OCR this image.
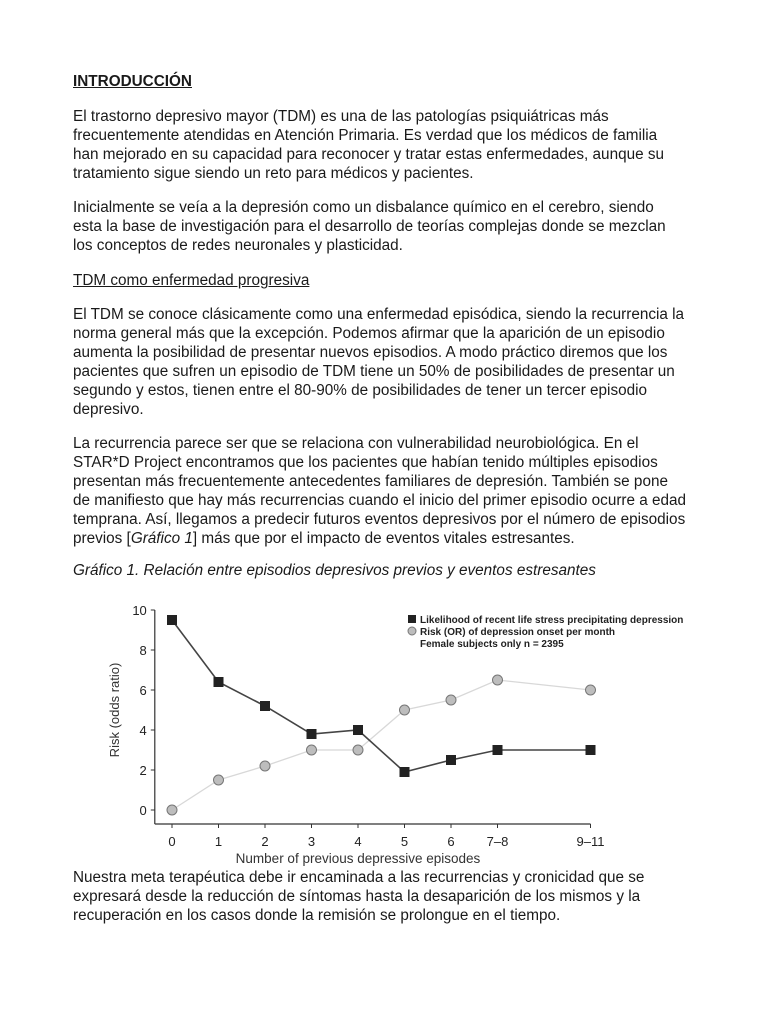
INTRODUCCIÓN
El trastorno depresivo mayor (TDM) es una de las patologías psiquiátricas más
frecuentemente atendidas en Atención Primaria. Es verdad que los médicos de familia
han mejorado en su capacidad para reconocer y tratar estas enfermedades, aunque su
tratamiento sigue siendo un reto para médicos y pacientes.
Inicialmente se veía a la depresión como un disbalance químico en el cerebro, siendo
esta la base de investigación para el desarrollo de teorías complejas donde se mezclan
los conceptos de redes neuronales y plasticidad.
TDM como enfermedad progresiva
El TDM se conoce clásicamente como una enfermedad episódica, siendo la recurrencia la
norma general más que la excepción. Podemos afirmar que la aparición de un episodio
aumenta la posibilidad de presentar nuevos episodios. A modo práctico diremos que los
pacientes que sufren un episodio de TDM tiene un 50% de posibilidades de presentar un
segundo y estos, tienen entre el 80-90% de posibilidades de tener un tercer episodio
depresivo.
La recurrencia parece ser que se relaciona con vulnerabilidad neurobiológica. En el
STAR*D Project encontramos que los pacientes que habían tenido múltiples episodios
presentan más frecuentemente antecedentes familiares de depresión. También se pone
de manifiesto que hay más recurrencias cuando el inicio del primer episodio ocurre a edad
temprana. Así, llegamos a predecir futuros eventos depresivos por el número de episodios
previos [Gráfico 1] más que por el impacto de eventos vitales estresantes.
Gráfico 1. Relación entre episodios depresivos previos y eventos estresantes
0
2
4
6
8
10
0	1	2	3	4	5	6 7–8	9–11
Number of previous depressive episodes
Risk (odds ratio)
Likelihood of recent life stress precipitating depression
Risk (OR) of depression onset per month
Female subjects only n = 2395
Nuestra meta terapéutica debe ir encaminada a las recurrencias y cronicidad que se
expresará desde la reducción de síntomas hasta la desaparición de los mismos y la
recuperación en los casos donde la remisión se prolongue en el tiempo.
